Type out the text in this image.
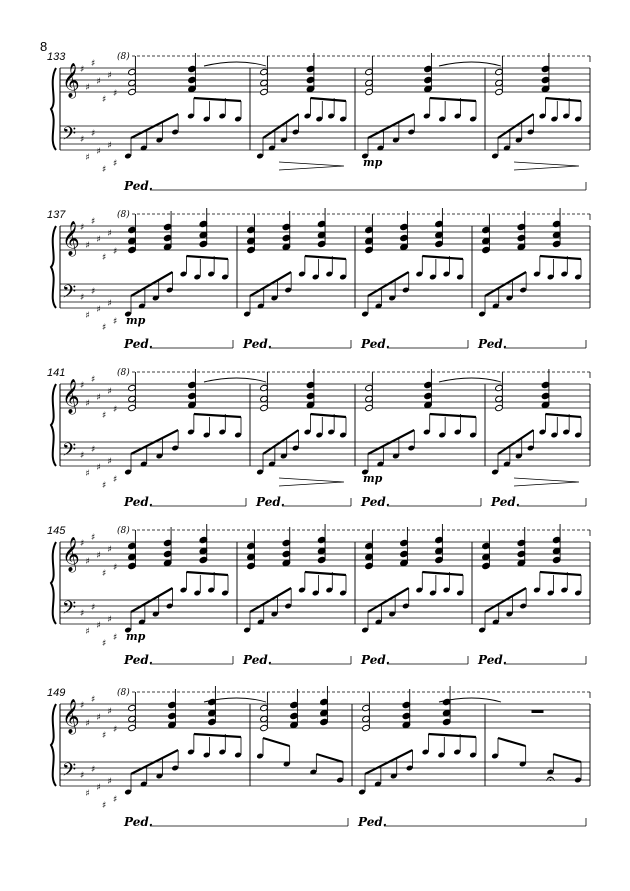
8
133	(8)
𝄞
𝄢
♯
♯
♯
♯
♯
♯
♯
♯
♯
♯
♯
♯
♯
♯	mp
Ped.
137	(8)
𝄞
𝄢
♯
♯
♯
♯
♯
♯
♯
♯
♯
♯
♯
♯
♯
♯ mp
Ped.	Ped.	Ped.	Ped.
141	(8)
𝄞
𝄢
♯
♯
♯
♯
♯
♯
♯
♯
♯
♯
♯
♯
♯
♯	mp
Ped.	Ped.	Ped.	Ped.
145	(8)
𝄞
𝄢
♯
♯
♯
♯
♯
♯
♯
♯
♯
♯
♯
♯
♯
♯ mp
Ped.	Ped.	Ped.	Ped.
149	(8)
𝄞
𝄢
♯
♯
♯
♯
♯
♯
♯
♯
♯
♯
♯
♯
♯
♯
𝄐
Ped.	Ped.
